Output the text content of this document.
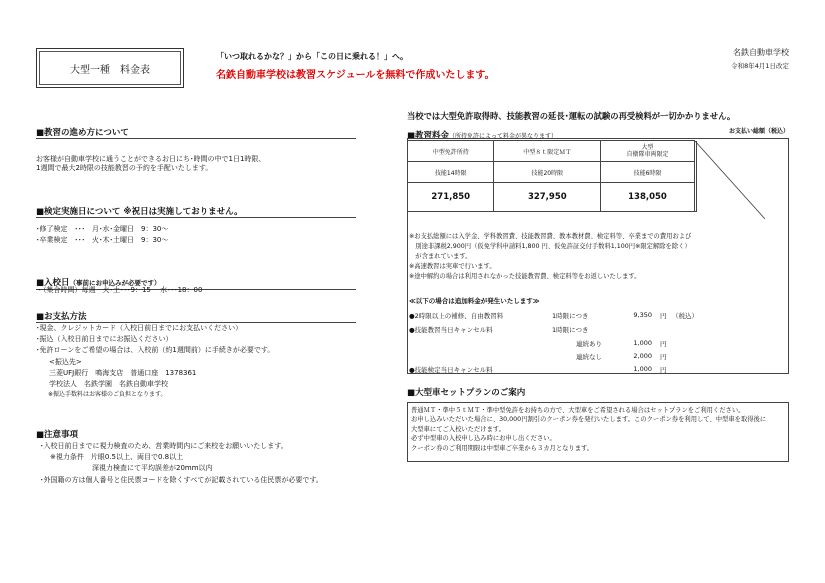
大型一種　料金表
「いつ取れるかな？」から「この日に乗れる！」へ。
名鉄自動車学校は教習スケジュールを無料で作成いたします。
名鉄自動車学校
令和8年4月1日改定
■教習の進め方について
お客様が自動車学校に通うことができるお日にち･時間の中で1日1時限、
1週間で最大2時限の技能教習の予約を手配いたします。
■検定実施日について ※祝日は実施しておりません。
･修了検定　･･･　月･水･金曜日　9：30～
･卒業検定　･･･　火･木･土曜日　9：30～
■入校日（事前にお申込みが必要です）
・（集合時間）毎週　火･土･･･9：15　 水･･･18：00
■お支払方法
･現金、クレジットカード（入校日前日までにお支払いください）
･振込（入校日前日までにお振込ください）
･免許ローンをご希望の場合は、入校前（約1週間前）に手続きが必要です。
　<振込先>
　三菱UFJ銀行　鳴海支店　普通口座　1378361
　学校法人　名鉄学園　名鉄自動車学校
　※振込手数料はお客様のご負担となります。
■注意事項
･入校日前日までに視力検査のため、営業時間内にご来校をお願いいたします。
※視力条件　片眼0.5以上、両目で0.8以上
　　　　　　深視力検査にて平均誤差が20mm以内
･外国籍の方は個人番号と住民票コードを除くすべてが記載されている住民票が必要です。
当校では大型免許取得時、技能教習の延長･運転の試験の再受検料が一切かかりません。
■教習料金（所持免許によって料金が異なります）
お支払い総額（税込）
中型免許所持	中型８ｔ限定ＭＴ	大型
自衛隊車両限定	

技能14時限	技能20時限	技能6時限	
271,850	327,950	138,050	
※お支払総額には入学金、学科教習費、技能教習費、教本教材費、検定料等、卒業までの費用および
　別途非課税2,900円（仮免学科申請料1,800 円、仮免許証交付手数料1,100円※限定解除を除く）
　が含まれています。
※高速教習は実車で行います。
※途中解約の場合は利用されなかった技能教習費、検定料等をお返しいたします。
≪以下の場合は追加料金が発生いたします≫
●2時限以上の補修、自由教習料	1時限につき	9,350 円 （税込）
●技能教習当日キャンセル料	1時限につき
連続あり	1,000 円
連続なし	2,000 円
●技能検定当日キャンセル料	1,000 円
■大型車セットプランのご案内
普通ＭＴ・準中５ｔＭＴ・準中型免許をお持ちの方で、大型車をご希望される場合はセットプランをご利用ください。
お申し込みいただいた場合に、30,000円割引のクーポン券を発行いたします。このクーポン券を利用して、中型車を取得後に
大型車にてご入校いただけます。
必ず中型車の入校申し込み時にお申し出ください。
クーポン券のご利用期限は中型車ご卒業から３カ月となります。
